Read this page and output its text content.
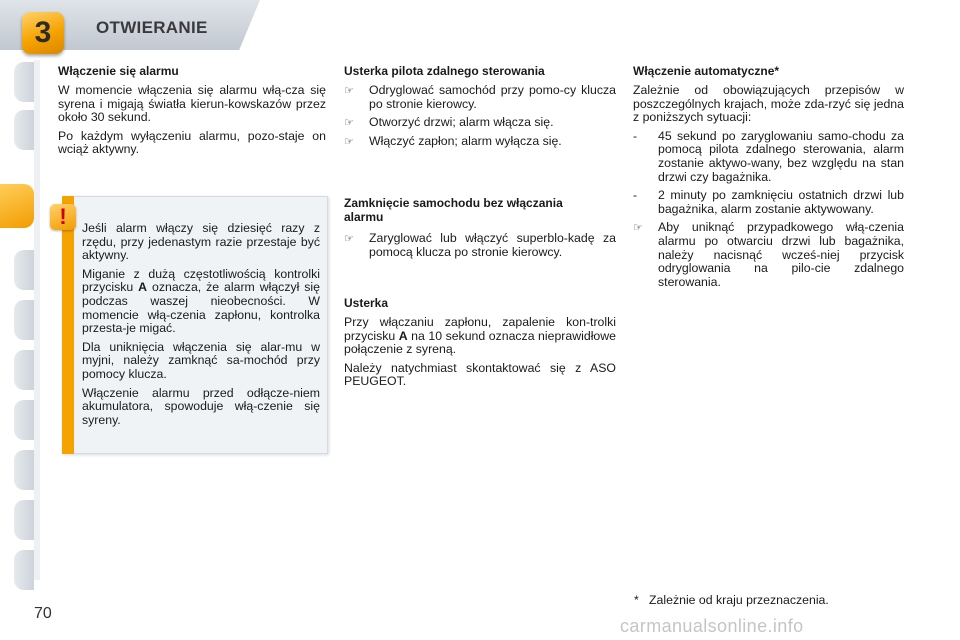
3	OTWIERANIE
Włączenie się alarmu

W momencie włączenia się alarmu włą-cza się syrena i migają światła kierun-kowskazów przez około 30 sekund.

Po każdym wyłączeniu alarmu, pozo-staje on wciąż aktywny.

!	Jeśli alarm włączy się dziesięć razy z rzędu, przy jedenastym razie przestaje być aktywny.

Miganie z dużą częstotliwością kontrolki przycisku A oznacza, że alarm włączył się podczas waszej nieobecności. W momencie włą-czenia zapłonu, kontrolka przesta-je migać.

Dla uniknięcia włączenia się alar-mu w myjni, należy zamknąć sa-mochód przy pomocy klucza.

Włączenie alarmu przed odłącze-niem akumulatora, spowoduje włą-czenie się syreny.

Usterka pilota zdalnego sterowania
☞ Odryglować samochód przy pomo-cy klucza po stronie kierowcy.
☞ Otworzyć drzwi; alarm włącza się.
☞ Włączyć zapłon; alarm wyłącza się.
Zamknięcie samochodu bez włączania alarmu
☞ Zaryglować lub włączyć superblo-kadę za pomocą klucza po stronie kierowcy.
Usterka

Przy włączaniu zapłonu, zapalenie kon-trolki przycisku A na 10 sekund oznacza nieprawidłowe połączenie z syreną.

Należy natychmiast skontaktować się z ASO PEUGEOT.

Włączenie automatyczne*

Zależnie od obowiązujących przepisów w poszczególnych krajach, może zda-rzyć się jedna z poniższych sytuacji:

- 45 sekund po zaryglowaniu samo-chodu za pomocą pilota zdalnego sterowania, alarm zostanie aktywo-wany, bez względu na stan drzwi czy bagażnika.
- 2 minuty po zamknięciu ostatnich drzwi lub bagażnika, alarm zostanie aktywowany.
☞ Aby uniknąć przypadkowego włą-czenia alarmu po otwarciu drzwi lub bagażnika, należy nacisnąć wcześ-niej przycisk odryglowania na pilo-cie zdalnego sterowania.
*   Zależnie od kraju przeznaczenia.
70
carmanualsonline.info
